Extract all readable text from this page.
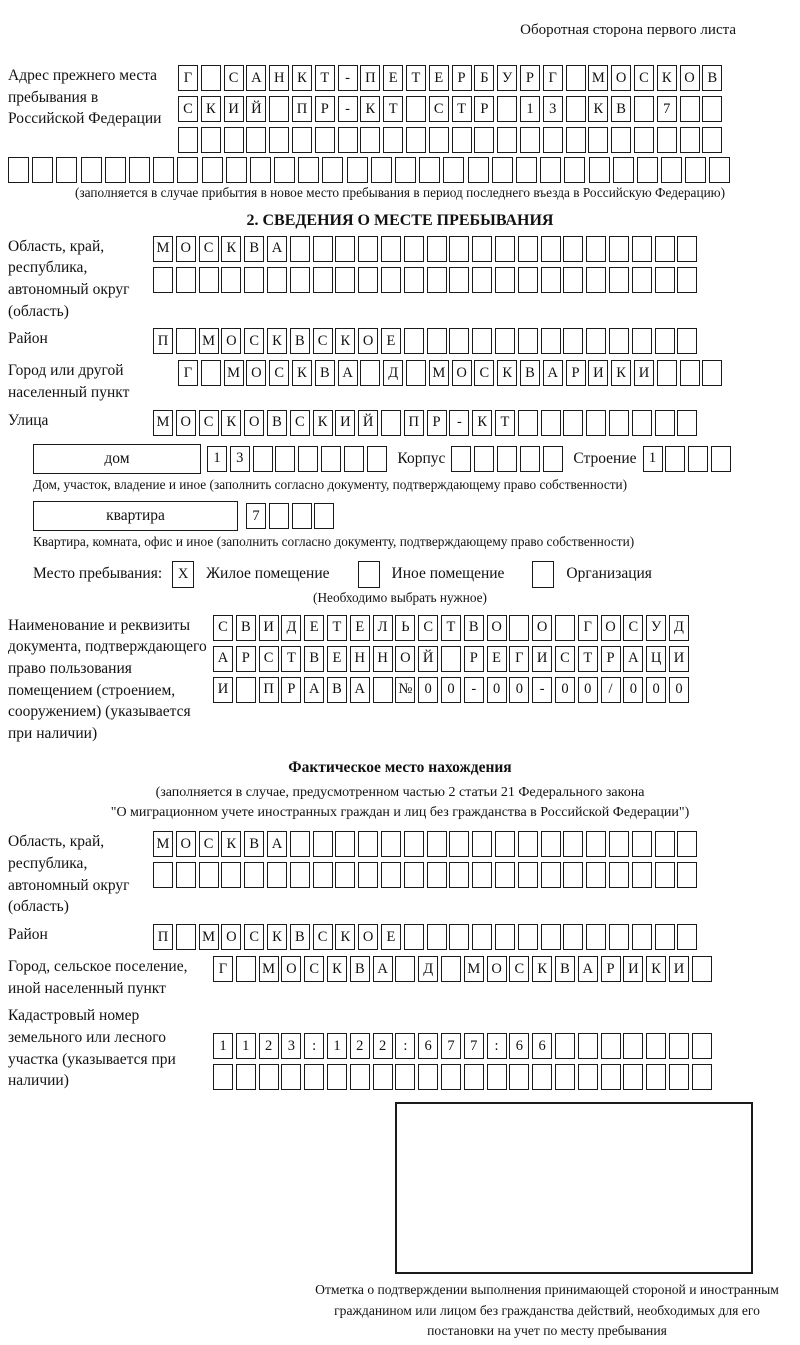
Оборотная сторона первого листа
Адрес прежнего места пребывания в Российской Федерации
Г	С А Н К Т	-	П Е Т Е Р	Б У Р	Г	М О С К О В
С К И Й	П Р	-	К Т	С Т Р	1	3	К В	7
(заполняется в случае прибытия в новое место пребывания в период последнего въезда в Российскую Федерацию)
2. СВЕДЕНИЯ О МЕСТЕ ПРЕБЫВАНИЯ
Область, край, республика, автономный округ (область)
М О С К В А
Район	П	М О С К В С К О Е
Город или другой населенный пункт
Г	М О С К В А	Д	М О С К В А Р И К И
Улица	М О С К О В С К И Й	П Р	-	К Т
дом	1	3	Корпус	Строение 1
Дом, участок, владение и иное (заполнить согласно документу, подтверждающему право собственности)
квартира	7
Квартира, комната, офис и иное (заполнить согласно документу, подтверждающему право собственности)
Место пребывания:	X	Жилое помещение	Иное помещение	Организация
(Необходимо выбрать нужное)
Наименование и реквизиты документа, подтверждающего право пользования помещением (строением, сооружением) (указывается при наличии)
С В И Д Е Т Е Л Ь С Т В О	О	Г О С У Д
А Р С Т В Е Н Н О Й	Р Е Г И С Т Р А Ц И
И	П Р А В А	№ 0	0	-	0	0	-	0	0	/	0	0	0
Фактическое место нахождения
(заполняется в случае, предусмотренном частью 2 статьи 21 Федерального закона
"О миграционном учете иностранных граждан и лиц без гражданства в Российской Федерации")
Область, край, республика, автономный округ (область)
М О С К В А
Район	П	М О С К В С К О Е
Город, сельское поселение, иной населенный пункт
Г	М О С К В А	Д	М О С К В А Р И К И
Кадастровый номер земельного или лесного участка (указывается при наличии)
1	1	2	3	:	1	2	2	:	6	7	7	:	6	6
Отметка о подтверждении выполнения принимающей стороной и иностранным гражданином или лицом без гражданства действий, необходимых для его постановки на учет по месту пребывания
